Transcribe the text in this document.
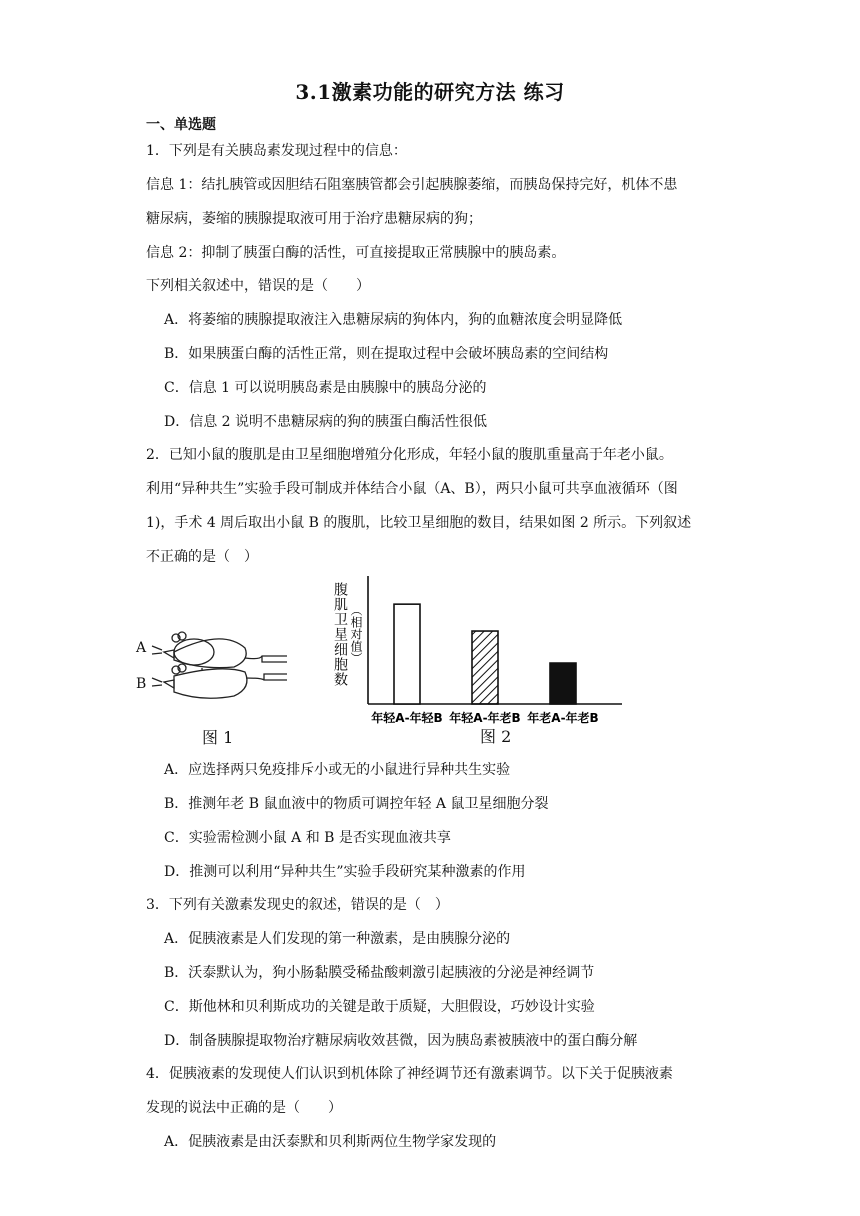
3.1激素功能的研究方法 练习
一、单选题
1．下列是有关胰岛素发现过程中的信息：
信息 1：结扎胰管或因胆结石阻塞胰管都会引起胰腺萎缩，而胰岛保持完好，机体不患
糖尿病，萎缩的胰腺提取液可用于治疗患糖尿病的狗；
信息 2：抑制了胰蛋白酶的活性，可直接提取正常胰腺中的胰岛素。
下列相关叙述中，错误的是（　　）
A．将萎缩的胰腺提取液注入患糖尿病的狗体内，狗的血糖浓度会明显降低
B．如果胰蛋白酶的活性正常，则在提取过程中会破坏胰岛素的空间结构
C．信息 1 可以说明胰岛素是由胰腺中的胰岛分泌的
D．信息 2 说明不患糖尿病的狗的胰蛋白酶活性很低
2．已知小鼠的腹肌是由卫星细胞增殖分化形成，年轻小鼠的腹肌重量高于年老小鼠。
利用“异种共生”实验手段可制成并体结合小鼠（A、B），两只小鼠可共享血液循环（图
1)，手术 4 周后取出小鼠 B 的腹肌，比较卫星细胞的数目，结果如图 2 所示。下列叙述
不正确的是（　）
A
B
图 1
腹肌卫星细胞数 （相对值）
年轻A-年轻B 年轻A-年老B 年老A-年老B
图 2
A．应选择两只免疫排斥小或无的小鼠进行异种共生实验
B．推测年老 B 鼠血液中的物质可调控年轻 A 鼠卫星细胞分裂
C．实验需检测小鼠 A 和 B 是否实现血液共享
D．推测可以利用“异种共生”实验手段研究某种激素的作用
3．下列有关激素发现史的叙述，错误的是（　）
A．促胰液素是人们发现的第一种激素，是由胰腺分泌的
B．沃泰默认为，狗小肠黏膜受稀盐酸刺激引起胰液的分泌是神经调节
C．斯他林和贝利斯成功的关键是敢于质疑，大胆假设，巧妙设计实验
D．制备胰腺提取物治疗糖尿病收效甚微，因为胰岛素被胰液中的蛋白酶分解
4．促胰液素的发现使人们认识到机体除了神经调节还有激素调节。以下关于促胰液素
发现的说法中正确的是（　　）
A．促胰液素是由沃泰默和贝利斯两位生物学家发现的
